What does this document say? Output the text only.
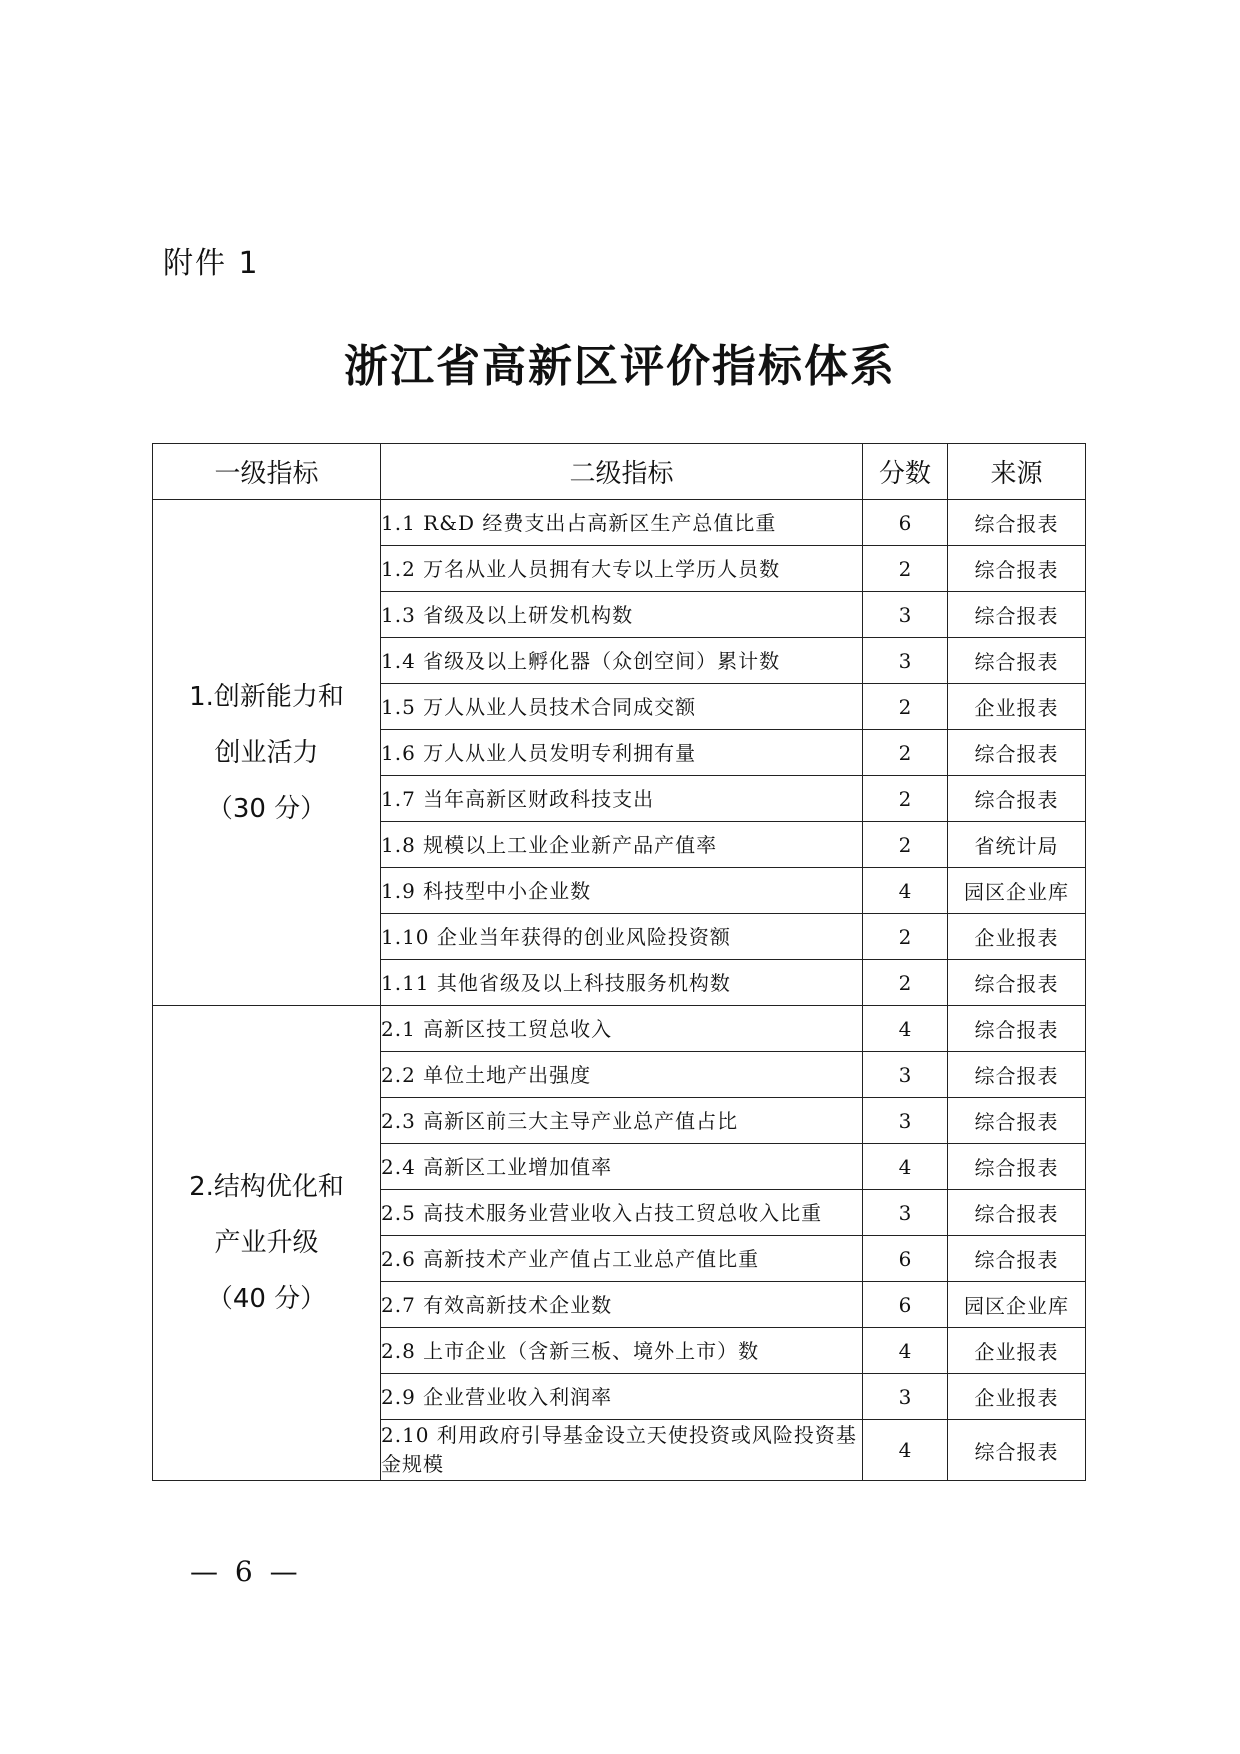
附件 1
浙江省高新区评价指标体系
一级指标	二级指标	分数	来源

1.创新能力和
创业活力
（30 分）	1.1 R&D 经费支出占高新区生产总值比重	6	综合报表
	1.2 万名从业人员拥有大专以上学历人员数	2	综合报表
	1.3 省级及以上研发机构数	3	综合报表
	1.4 省级及以上孵化器（众创空间）累计数	3	综合报表
	1.5 万人从业人员技术合同成交额	2	企业报表
	1.6 万人从业人员发明专利拥有量	2	综合报表
	1.7 当年高新区财政科技支出	2	综合报表
	1.8 规模以上工业企业新产品产值率	2	省统计局
	1.9 科技型中小企业数	4	园区企业库
	1.10 企业当年获得的创业风险投资额	2	企业报表
	1.11 其他省级及以上科技服务机构数	2	综合报表

2.结构优化和
产业升级
（40 分）	2.1 高新区技工贸总收入	4	综合报表
	2.2 单位土地产出强度	3	综合报表
	2.3 高新区前三大主导产业总产值占比	3	综合报表
	2.4 高新区工业增加值率	4	综合报表
	2.5 高技术服务业营业收入占技工贸总收入比重	3	综合报表
	2.6 高新技术产业产值占工业总产值比重	6	综合报表
	2.7 有效高新技术企业数	6	园区企业库
	2.8 上市企业（含新三板、境外上市）数	4	企业报表
	2.9 企业营业收入利润率	3	企业报表
	2.10 利用政府引导基金设立天使投资或风险投资基金规模	4	综合报表
— 6 —
